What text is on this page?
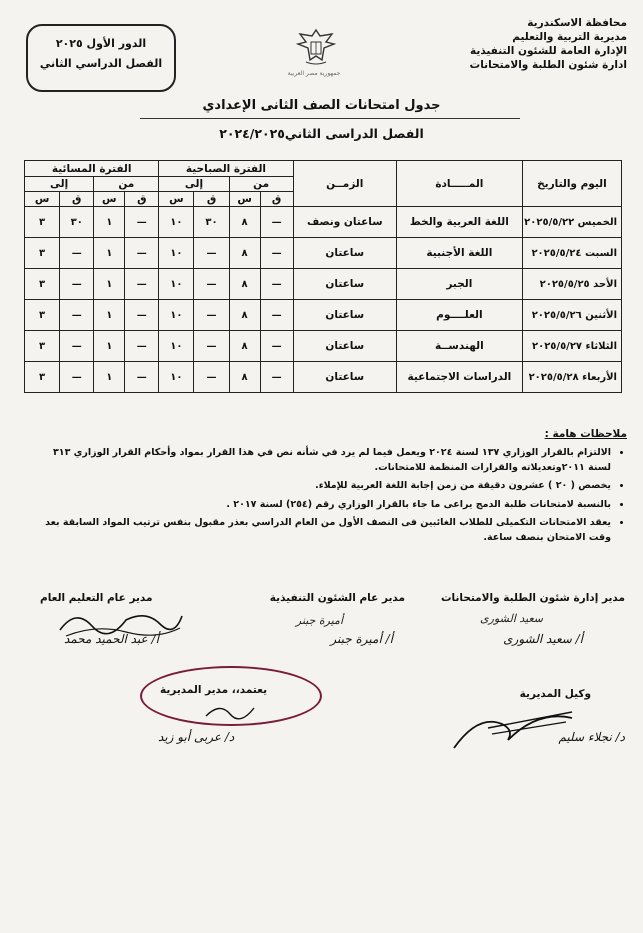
محافظة الاسكندرية
مديرية التربية والتعليم
الإدارة العامة للشئون التنفيذية
ادارة شئون الطلبة والامتحانات
جمهورية مصر العربية
الدور الأول ٢٠٢٥
الفصل الدراسي الثاني
جدول امتحانات الصف الثانى الإعدادي
الفصل الدراسى الثاني٢٠٢٤/٢٠٢٥
اليوم والتاريخ	المـــــادة	الزمــن	الفترة الصباحية				الفترة المسائية			
			من		إلى		من		إلى	
			ق	س	ق	س	ق	س	ق	س
الخميس ٢٠٢٥/٥/٢٢	اللغة العربية والخط	ساعتان ونصف	—	٨	٣٠	١٠	—	١	٣٠	٣
السبت ٢٠٢٥/٥/٢٤	اللغة الأجنبية	ساعتان	—	٨	—	١٠	—	١	—	٣
الأحد ٢٠٢٥/٥/٢٥	الجبر	ساعتان	—	٨	—	١٠	—	١	—	٣
الأثنين ٢٠٢٥/٥/٢٦	العلــــوم	ساعتان	—	٨	—	١٠	—	١	—	٣
الثلاثاء ٢٠٢٥/٥/٢٧	الهندســة	ساعتان	—	٨	—	١٠	—	١	—	٣
الأربعاء ٢٠٢٥/٥/٢٨	الدراسات الاجتماعية	ساعتان	—	٨	—	١٠	—	١	—	٣
ملاحظات هامة :
• الالتزام بالقرار الوزاري ١٣٧ لسنة ٢٠٢٤ ويعمل فيما لم يرد في شأنه نص في هذا القرار بمواد وأحكام القرار الوزاري ٣١٣ لسنة ٢٠١١وتعديلاته والقرارات المنظمة للامتحانات.
• يخصص ( ٢٠ ) عشرون دقيقة من زمن إجابة اللغة العربية للإملاء.
• بالنسبة لامتحانات طلبة الدمج يراعى ما جاء بالقرار الوزاري رقم (٢٥٤) لسنة ٢٠١٧ .
• يعقد الامتحانات التكميلى للطلاب الغائبين فى النصف الأول من العام الدراسي بعذر مقبول بنفس ترتيب المواد السابقة بعد وقت الامتحان بنصف ساعة.
مدير إدارة شئون الطلبة والامتحانات
سعيد الشورى
أ/ سعيد الشورى
مدير عام الشئون التنفيذية
أميرة جبنر
أ/ أميرة جبنر
مدير عام التعليم العام
أ/ عبد الحميد محمد
وكيل المديرية
د/ نجلاء سليم
يعتمد،، مدير المديرية
د/ عربى أبو زيد
